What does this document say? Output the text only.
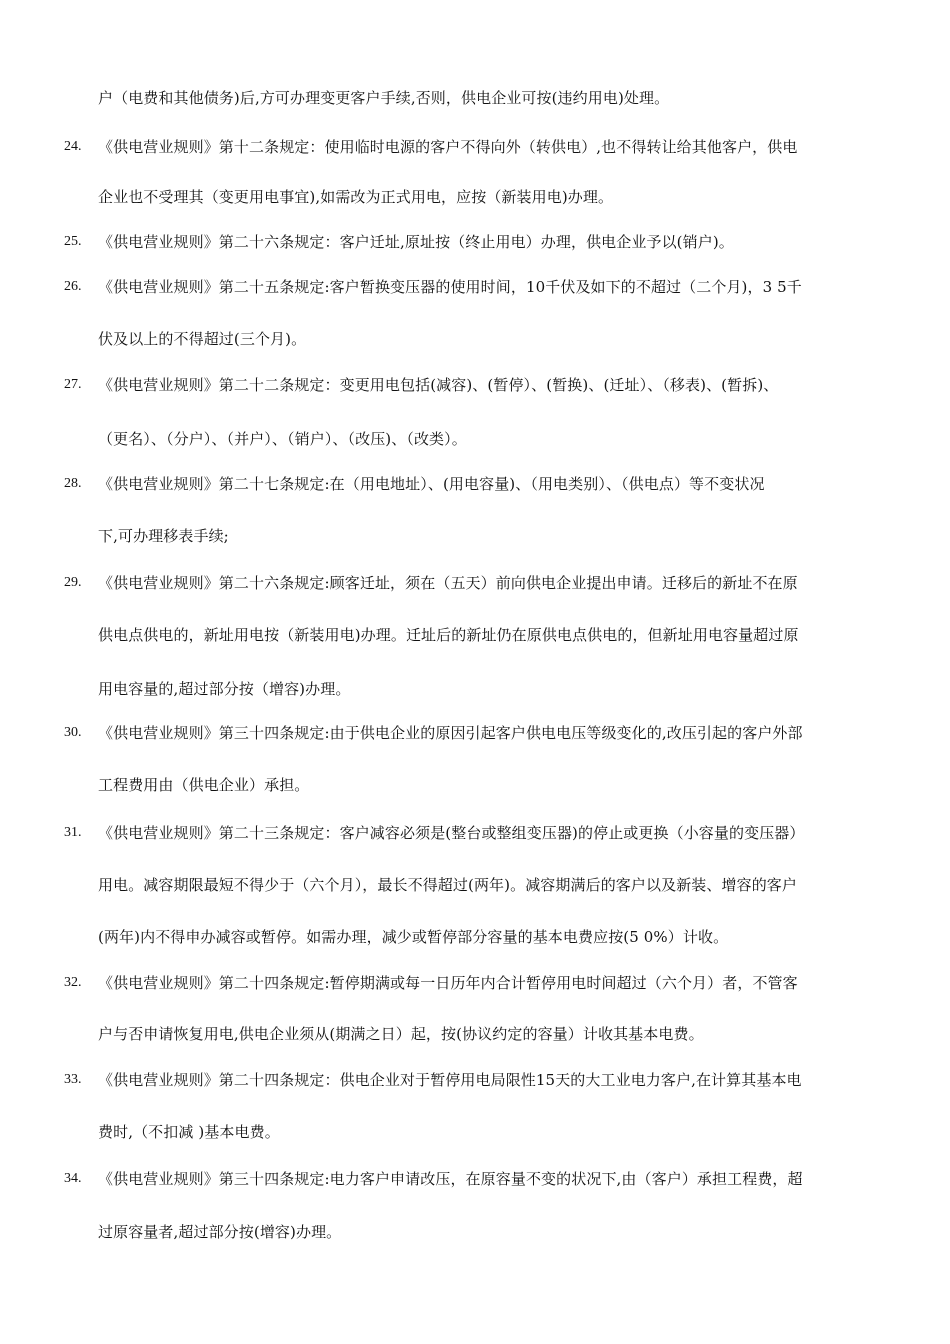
户（电费和其他债务)后,方可办理变更客户手续,否则，供电企业可按(违约用电)处理。
24. 《供电营业规则》第十二条规定：使用临时电源的客户不得向外（转供电）,也不得转让给其他客户，供电
企业也不受理其（变更用电事宜),如需改为正式用电，应按（新装用电)办理。
25. 《供电营业规则》第二十六条规定：客户迁址,原址按（终止用电）办理，供电企业予以(销户)。
26. 《供电营业规则》第二十五条规定:客户暂换变压器的使用时间，10千伏及如下的不超过（二个月)，3 5千
伏及以上的不得超过(三个月)。
27. 《供电营业规则》第二十二条规定：变更用电包括(减容)、(暂停）、(暂换)、(迁址）、（移表)、(暂拆)、
（更名）、（分户）、（并户）、（销户）、（改压)、（改类）。
28. 《供电营业规则》第二十七条规定:在（用电地址）、(用电容量)、（用电类别）、（供电点）等不变状况
下,可办理移表手续;
29. 《供电营业规则》第二十六条规定:顾客迁址，须在（五天）前向供电企业提出申请。迁移后的新址不在原
供电点供电的，新址用电按（新装用电)办理。迁址后的新址仍在原供电点供电的，但新址用电容量超过原
用电容量的,超过部分按（增容)办理。
30. 《供电营业规则》第三十四条规定:由于供电企业的原因引起客户供电电压等级变化的,改压引起的客户外部
工程费用由（供电企业）承担。
31. 《供电营业规则》第二十三条规定：客户减容必须是(整台或整组变压器)的停止或更换（小容量的变压器）
用电。减容期限最短不得少于（六个月），最长不得超过(两年)。减容期满后的客户以及新装、增容的客户
(两年)内不得申办减容或暂停。如需办理，减少或暂停部分容量的基本电费应按(5 0%）计收。
32. 《供电营业规则》第二十四条规定:暂停期满或每一日历年内合计暂停用电时间超过（六个月）者，不管客
户与否申请恢复用电,供电企业须从(期满之日）起，按(协议约定的容量）计收其基本电费。
33. 《供电营业规则》第二十四条规定：供电企业对于暂停用电局限性15天的大工业电力客户,在计算其基本电
费时,（不扣减 )基本电费。
34. 《供电营业规则》第三十四条规定:电力客户申请改压，在原容量不变的状况下,由（客户）承担工程费，超
过原容量者,超过部分按(增容)办理。
